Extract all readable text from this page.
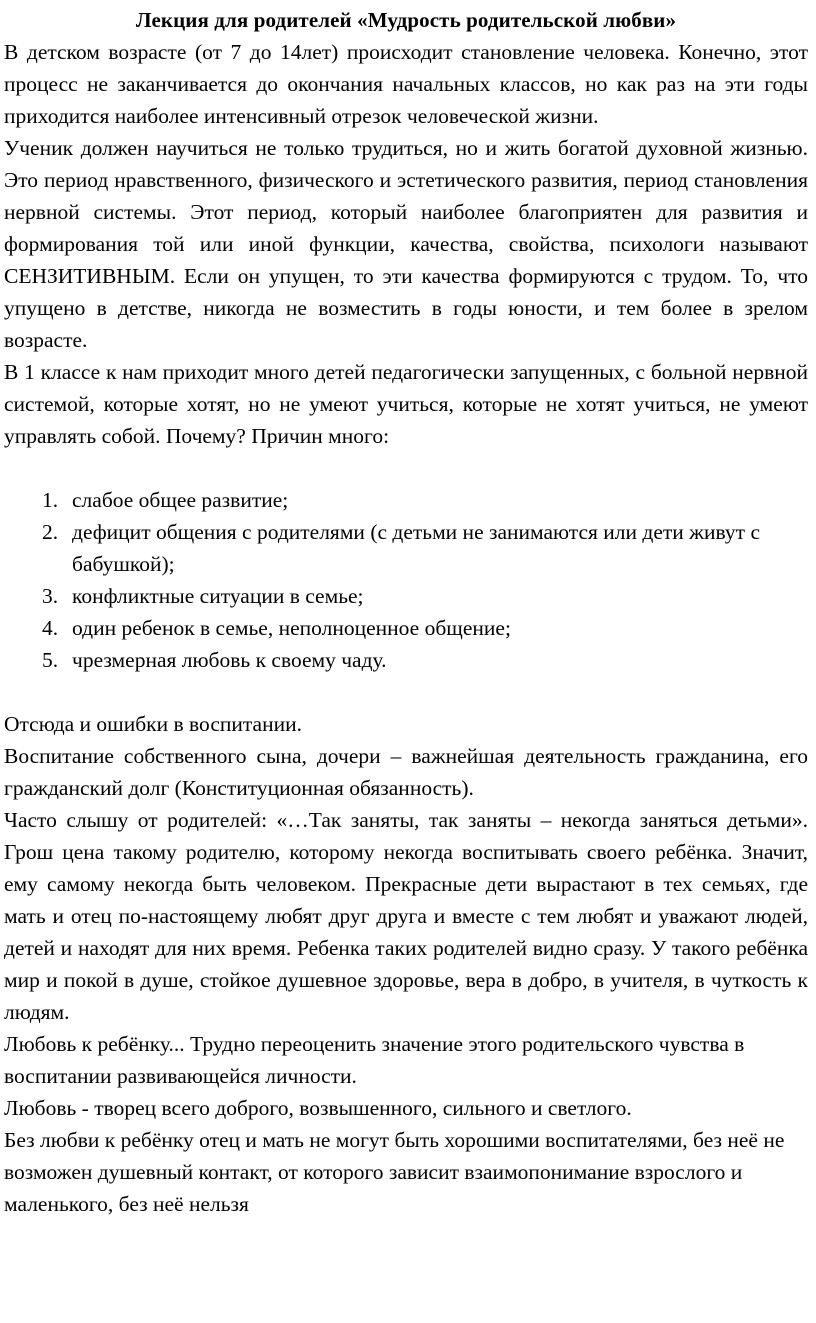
Лекция для родителей «Мудрость родительской любви»

В детском возрасте (от 7 до 14лет) происходит становление человека. Конечно, этот процесс не заканчивается до окончания начальных классов, но как раз на эти годы приходится наиболее интенсивный отрезок человеческой жизни.

Ученик должен научиться не только трудиться, но и жить богатой духовной жизнью. Это период нравственного, физического и эстетического развития, период становления нервной системы. Этот период, который наиболее благоприятен для развития и формирования той или иной функции, качества, свойства, психологи называют СЕНЗИТИВНЫМ. Если он упущен, то эти качества формируются с трудом. То, что упущено в детстве, никогда не возместить в годы юности, и тем более в зрелом возрасте.

В 1 классе к нам приходит много детей педагогически запущенных, с больной нервной системой, которые хотят, но не умеют учиться, которые не хотят учиться, не умеют управлять собой. Почему? Причин много:

слабое общее развитие;
дефицит общения с родителями (с детьми не занимаются или дети живут с бабушкой);
конфликтные ситуации в семье;
один ребенок в семье, неполноценное общение;
чрезмерная любовь к своему чаду.

Отсюда и ошибки в воспитании.

Воспитание собственного сына, дочери – важнейшая деятельность гражданина, его гражданский долг (Конституционная обязанность).

Часто слышу от родителей: «…Так заняты, так заняты – некогда заняться детьми». Грош цена такому родителю, которому некогда воспитывать своего ребёнка. Значит, ему самому некогда быть человеком. Прекрасные дети вырастают в тех семьях, где мать и отец по-настоящему любят друг друга и вместе с тем любят и уважают людей, детей и находят для них время. Ребенка таких родителей видно сразу. У такого ребёнка мир и покой в душе, стойкое душевное здоровье, вера в добро, в учителя, в чуткость к людям.

Любовь к ребёнку... Трудно переоценить значение этого родительского чувства в воспитании развивающейся личности.

Любовь - творец всего доброго, возвышенного, сильного и светлого.

Без любви к ребёнку отец и мать не могут быть хорошими воспитателями, без неё не возможен душевный контакт, от которого зависит взаимопонимание взрослого и маленького, без неё нельзя
